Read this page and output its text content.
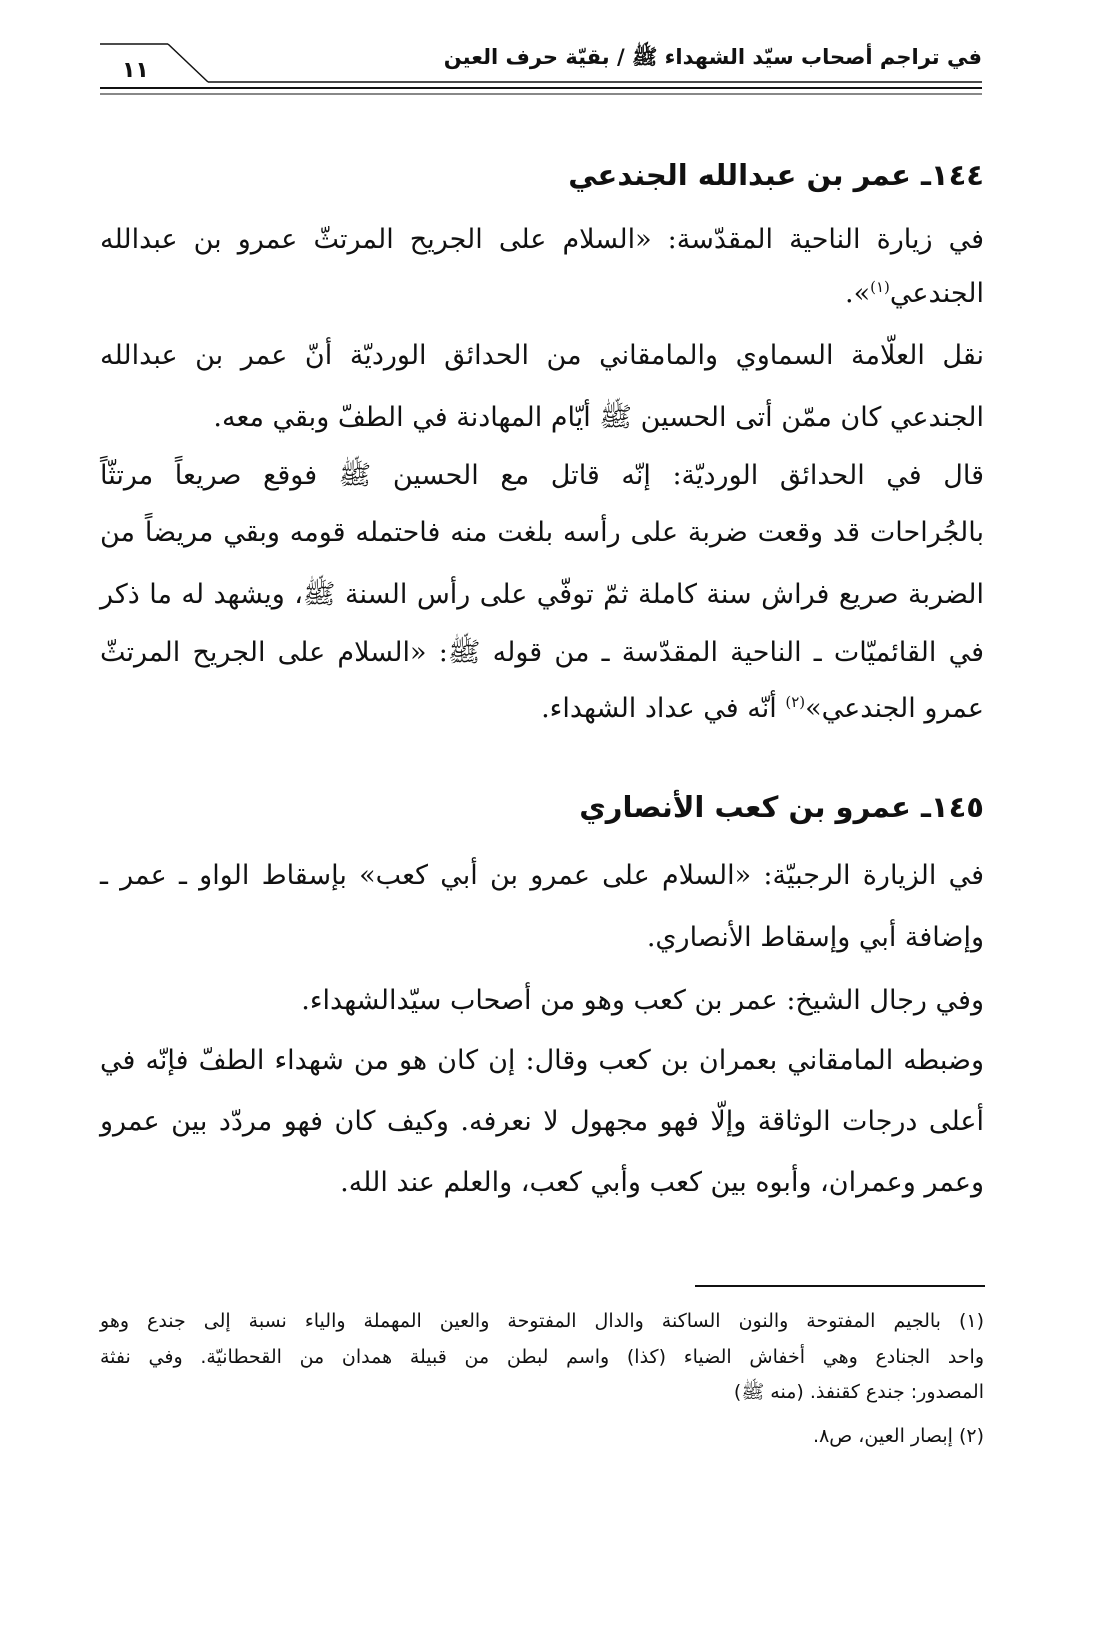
في تراجم أصحاب سيّد الشهداء ﷺ / بقيّة حرف العين
١١
١٤٤ـ عمر بن عبدالله الجندعي
في زيارة الناحية المقدّسة: «السلام على الجريح المرتثّ عمرو بن عبدالله
الجندعي$^{(١)}$».
نقل العلّامة السماوي والمامقاني من الحدائق الورديّة أنّ عمر بن عبدالله
الجندعي كان ممّن أتى الحسين ﷺ أيّام المهادنة في الطفّ وبقي معه.
قال في الحدائق الورديّة: إنّه قاتل مع الحسين ﷺ فوقع صريعاً مرتثّاً
بالجُراحات قد وقعت ضربة على رأسه بلغت منه فاحتمله قومه وبقي مريضاً من
الضربة صريع فراش سنة كاملة ثمّ توفّي على رأس السنة ﷺ، ويشهد له ما ذكر
في القائميّات ـ الناحية المقدّسة ـ من قوله ﷺ: «السلام على الجريح المرتثّ
عمرو الجندعي»$^{(٢)}$ أنّه في عداد الشهداء.
١٤٥ـ عمرو بن كعب الأنصاري
في الزيارة الرجبيّة: «السلام على عمرو بن أبي كعب» بإسقاط الواو ـ عمر ـ
وإضافة أبي وإسقاط الأنصاري.
وفي رجال الشيخ: عمر بن كعب وهو من أصحاب سيّدالشهداء.
وضبطه المامقاني بعمران بن كعب وقال: إن كان هو من شهداء الطفّ فإنّه في
أعلى درجات الوثاقة وإلّا فهو مجهول لا نعرفه. وكيف كان فهو مردّد بين عمرو
وعمر وعمران، وأبوه بين كعب وأبي كعب، والعلم عند الله.
(١) بالجيم المفتوحة والنون الساكنة والدال المفتوحة والعين المهملة والياء نسبة إلى جندع وهو
واحد الجنادع وهي أخفاش الضياء (كذا) واسم لبطن من قبيلة همدان من القحطانيّة. وفي نفثة
المصدور: جندع كقنفذ. (منه ﷺ)
(٢) إبصار العين، ص٨.
